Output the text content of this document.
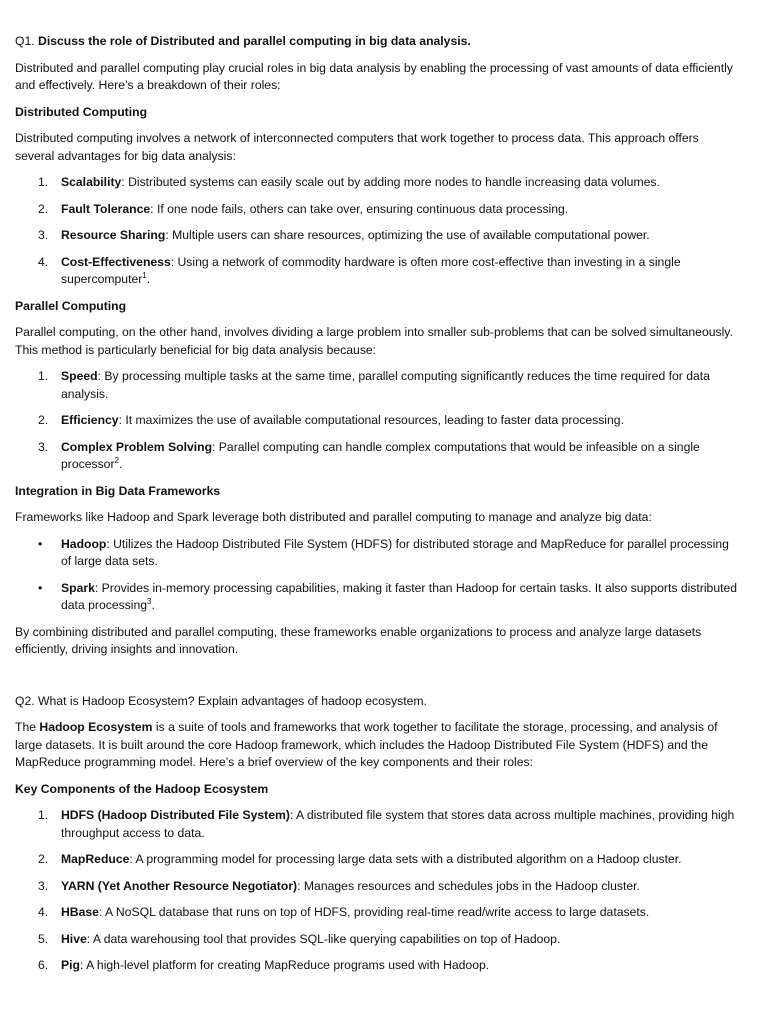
Q1. Discuss the role of Distributed and parallel computing in big data analysis.

Distributed and parallel computing play crucial roles in big data analysis by enabling the processing of vast amounts of data efficiently and effectively. Here’s a breakdown of their roles:

Distributed Computing

Distributed computing involves a network of interconnected computers that work together to process data. This approach offers several advantages for big data analysis:

1. Scalability: Distributed systems can easily scale out by adding more nodes to handle increasing data volumes.
2. Fault Tolerance: If one node fails, others can take over, ensuring continuous data processing.
3. Resource Sharing: Multiple users can share resources, optimizing the use of available computational power.
4. Cost-Effectiveness: Using a network of commodity hardware is often more cost-effective than investing in a single supercomputer$^1$.

Parallel Computing

Parallel computing, on the other hand, involves dividing a large problem into smaller sub-problems that can be solved simultaneously. This method is particularly beneficial for big data analysis because:

1. Speed: By processing multiple tasks at the same time, parallel computing significantly reduces the time required for data analysis.
2. Efficiency: It maximizes the use of available computational resources, leading to faster data processing.
3. Complex Problem Solving: Parallel computing can handle complex computations that would be infeasible on a single processor$^2$.

Integration in Big Data Frameworks

Frameworks like Hadoop and Spark leverage both distributed and parallel computing to manage and analyze big data:

• Hadoop: Utilizes the Hadoop Distributed File System (HDFS) for distributed storage and MapReduce for parallel processing of large data sets.
• Spark: Provides in-memory processing capabilities, making it faster than Hadoop for certain tasks. It also supports distributed data processing$^3$.

By combining distributed and parallel computing, these frameworks enable organizations to process and analyze large datasets efficiently, driving insights and innovation.

Q2. What is Hadoop Ecosystem? Explain advantages of hadoop ecosystem.

The Hadoop Ecosystem is a suite of tools and frameworks that work together to facilitate the storage, processing, and analysis of large datasets. It is built around the core Hadoop framework, which includes the Hadoop Distributed File System (HDFS) and the MapReduce programming model. Here’s a brief overview of the key components and their roles:

Key Components of the Hadoop Ecosystem

1. HDFS (Hadoop Distributed File System): A distributed file system that stores data across multiple machines, providing high throughput access to data.
2. MapReduce: A programming model for processing large data sets with a distributed algorithm on a Hadoop cluster.
3. YARN (Yet Another Resource Negotiator): Manages resources and schedules jobs in the Hadoop cluster.
4. HBase: A NoSQL database that runs on top of HDFS, providing real-time read/write access to large datasets.
5. Hive: A data warehousing tool that provides SQL-like querying capabilities on top of Hadoop.
6. Pig: A high-level platform for creating MapReduce programs used with Hadoop.
